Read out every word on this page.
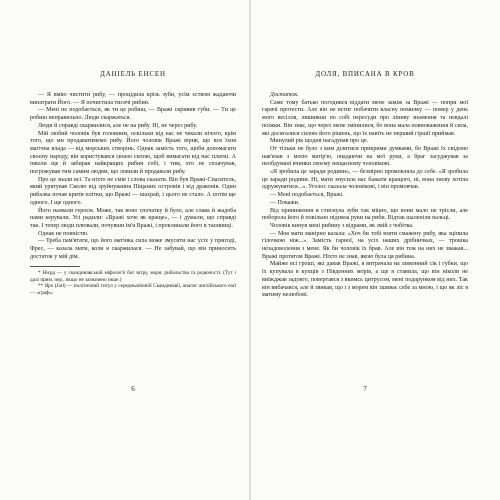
ДАНІЕЛЬ ЕНСЕН

— Я вмію чистити рибу, — процідила крізь зуби, усім єством жадаючи випатрати Його. — Я почистила тисячі рибин.

— Мені не подобається, як ти це робиш, — Вражі скривив губи. — Ти це робиш неправильно. Люди скаржаться.

Люди й справді скаржилися, але не на рибу. Ні, не через рибу.

Мій любий чоловік був головним, оскільки від нас не чекали нічого, крім того, що ми продаватимемо рибу. Його чоловік Вражі вірив, що вся їхня магічна влада — від морських створінь. Однак замість того, щоби допомагати своєму народу, він користувався своєю силою, щоб вимагати від нас платні. А інколи ще й забирав найкращих рибин собі, і тим, хто не сплачував, погрожував тим самим людям, що ловили й продавали рибу.

Про це знали всі. Та ніхто не смів і слова сказати. Він був Вражі-Спаситель, який урятував Скелю від зруйнування Піщаних островів і від драконів. Один рибалка почав крити плітки, що Вражі — шахрай, і цього не стало. А потім ще одного. І ще одного.

Його назвали героєм. Може, так воно спочатку й було, але слава й жадоба нами керували. Усі радили: «Вражі хоче як краще», — і думали, що справді так. І тепер люди плювали, почувши ім'я Вражі, і проклинали його в таємниці.

Однак не повністю.

— Треба пам'ятати, що його матінка сила може змусити нас усіх у пригоді, Фрес, — казала мати, коли я скаржилася. — Не забувай, що він приносить достаток у мій дім.

* Нієрд — у скандинавській міфології бог вітру, моря, рибальства та родючості. (Тут і далі прим. пер., якщо не зазначено інше.)

** Ярл (Jarl) — політичний титул у середньовічній Скандинавії, аналог англійського earl — «граф».

6
ДОЛЯ, ВПИСАНА В КРОВ

Достаток.

Саме тому батько погодився віддати мене заміж за Вражі — попри мої гарячі протести. Але він не встиг побачити власну помилку — помер у день мого весілля, лишивши по собі пересуди про ліниву знамення та невдалі поіжки. Він знає, що через мене змінилися, бо вона мала повноваження й сила, які досягалися силою його рішень, що їх навіть не перший гіршії приймав.

Минулий рік щодня нагадував про це.

От тільки не було з ким ділитися прикрими думками, бо Вражі їх свідомо нав'язав з моєю матір'ю, опадаючи на мої руки, а браг засуджував за необдумані вчинки своєму нещасному чоловікові.

«Я зробила це заради родини», — безмірно промовляла до себе. «Я зробила це заради родини. Ні, мати змусила нас бажати кращого, ні, вона знову хотіла одружуватися...». Уголос сказала чоловікові, і він промовчав.

— Мені подобається, Вражі.

— Покажи.

Від приниження я стиснула зуби так міцно, що вони мало не трісли, але поборола його й повільно підняла руки на риби. Відтак шаленіли пальці.

Чоловік кинув мені рибину з відрами, як змій з чобітка.

— Моя мати манірно казала: «Хоч би тобі взяти смажену рибу, яка зціпила гілочкою ніж...». Замість гарної, на усіх наших дрібничках, — трошка незадоволення з мене. Як би чоловік їх брав. Але він теж на них не зважав... Вражі протягом Вражі. Ніхто не знав, якою була ця рибина.

Майже всі гроші, які давав Вражі, я витрачала на лимонний сік і губки, що їх купувала в купців з Південних морів, а ще я ставила, що він ніколи не виїжджав задовго, повертався з якимсь цитрусом, мені подарунком від них. Так він вибачався, але й звикав, що і з морем він зшиває себе за мною, і що як ліс я матиму нелюбові.

7
